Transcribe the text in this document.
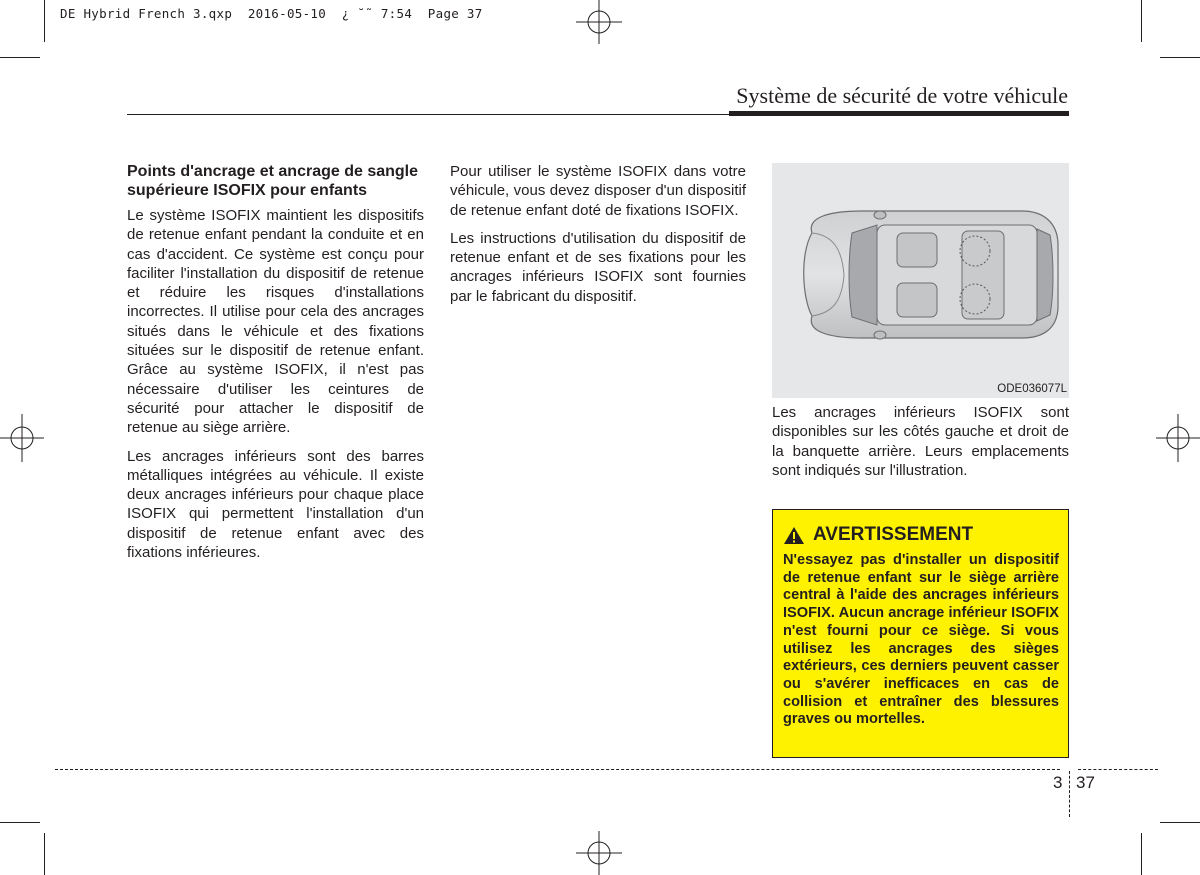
DE Hybrid French 3.qxp  2016-05-10  ¿ ˘˜ 7:54  Page 37
Système de sécurité de votre véhicule

Points d'ancrage et ancrage de sangle supérieure ISOFIX pour enfants

Le système ISOFIX maintient les dispositifs de retenue enfant pendant la conduite et en cas d'accident. Ce système est conçu pour faciliter l'installation du dispositif de retenue et réduire les risques d'installations incorrectes. Il utilise pour cela des ancrages situés dans le véhicule et des fixations situées sur le dispositif de retenue enfant. Grâce au système ISOFIX, il n'est pas nécessaire d'utiliser les ceintures de sécurité pour attacher le dispositif de retenue au siège arrière.

Les ancrages inférieurs sont des barres métalliques intégrées au véhicule. Il existe deux ancrages inférieurs pour chaque place ISOFIX qui permettent l'installation d'un dispositif de retenue enfant avec des fixations inférieures.

Pour utiliser le système ISOFIX dans votre véhicule, vous devez disposer d'un dispositif de retenue enfant doté de fixations ISOFIX.

Les instructions d'utilisation du dispositif de retenue enfant et de ses fixations pour les ancrages inférieurs ISOFIX sont fournies par le fabricant du dispositif.

ODE036077L

Les ancrages inférieurs ISOFIX sont disponibles sur les côtés gauche et droit de la banquette arrière. Leurs emplacements sont indiqués sur l'illustration.

AVERTISSEMENT
N'essayez pas d'installer un dispositif de retenue enfant sur le siège arrière central à l'aide des ancrages inférieurs ISOFIX. Aucun ancrage inférieur ISOFIX n'est fourni pour ce siège. Si vous utilisez les ancrages des sièges extérieurs, ces derniers peuvent casser ou s'avérer inefficaces en cas de collision et entraîner des blessures graves ou mortelles.
3 37
